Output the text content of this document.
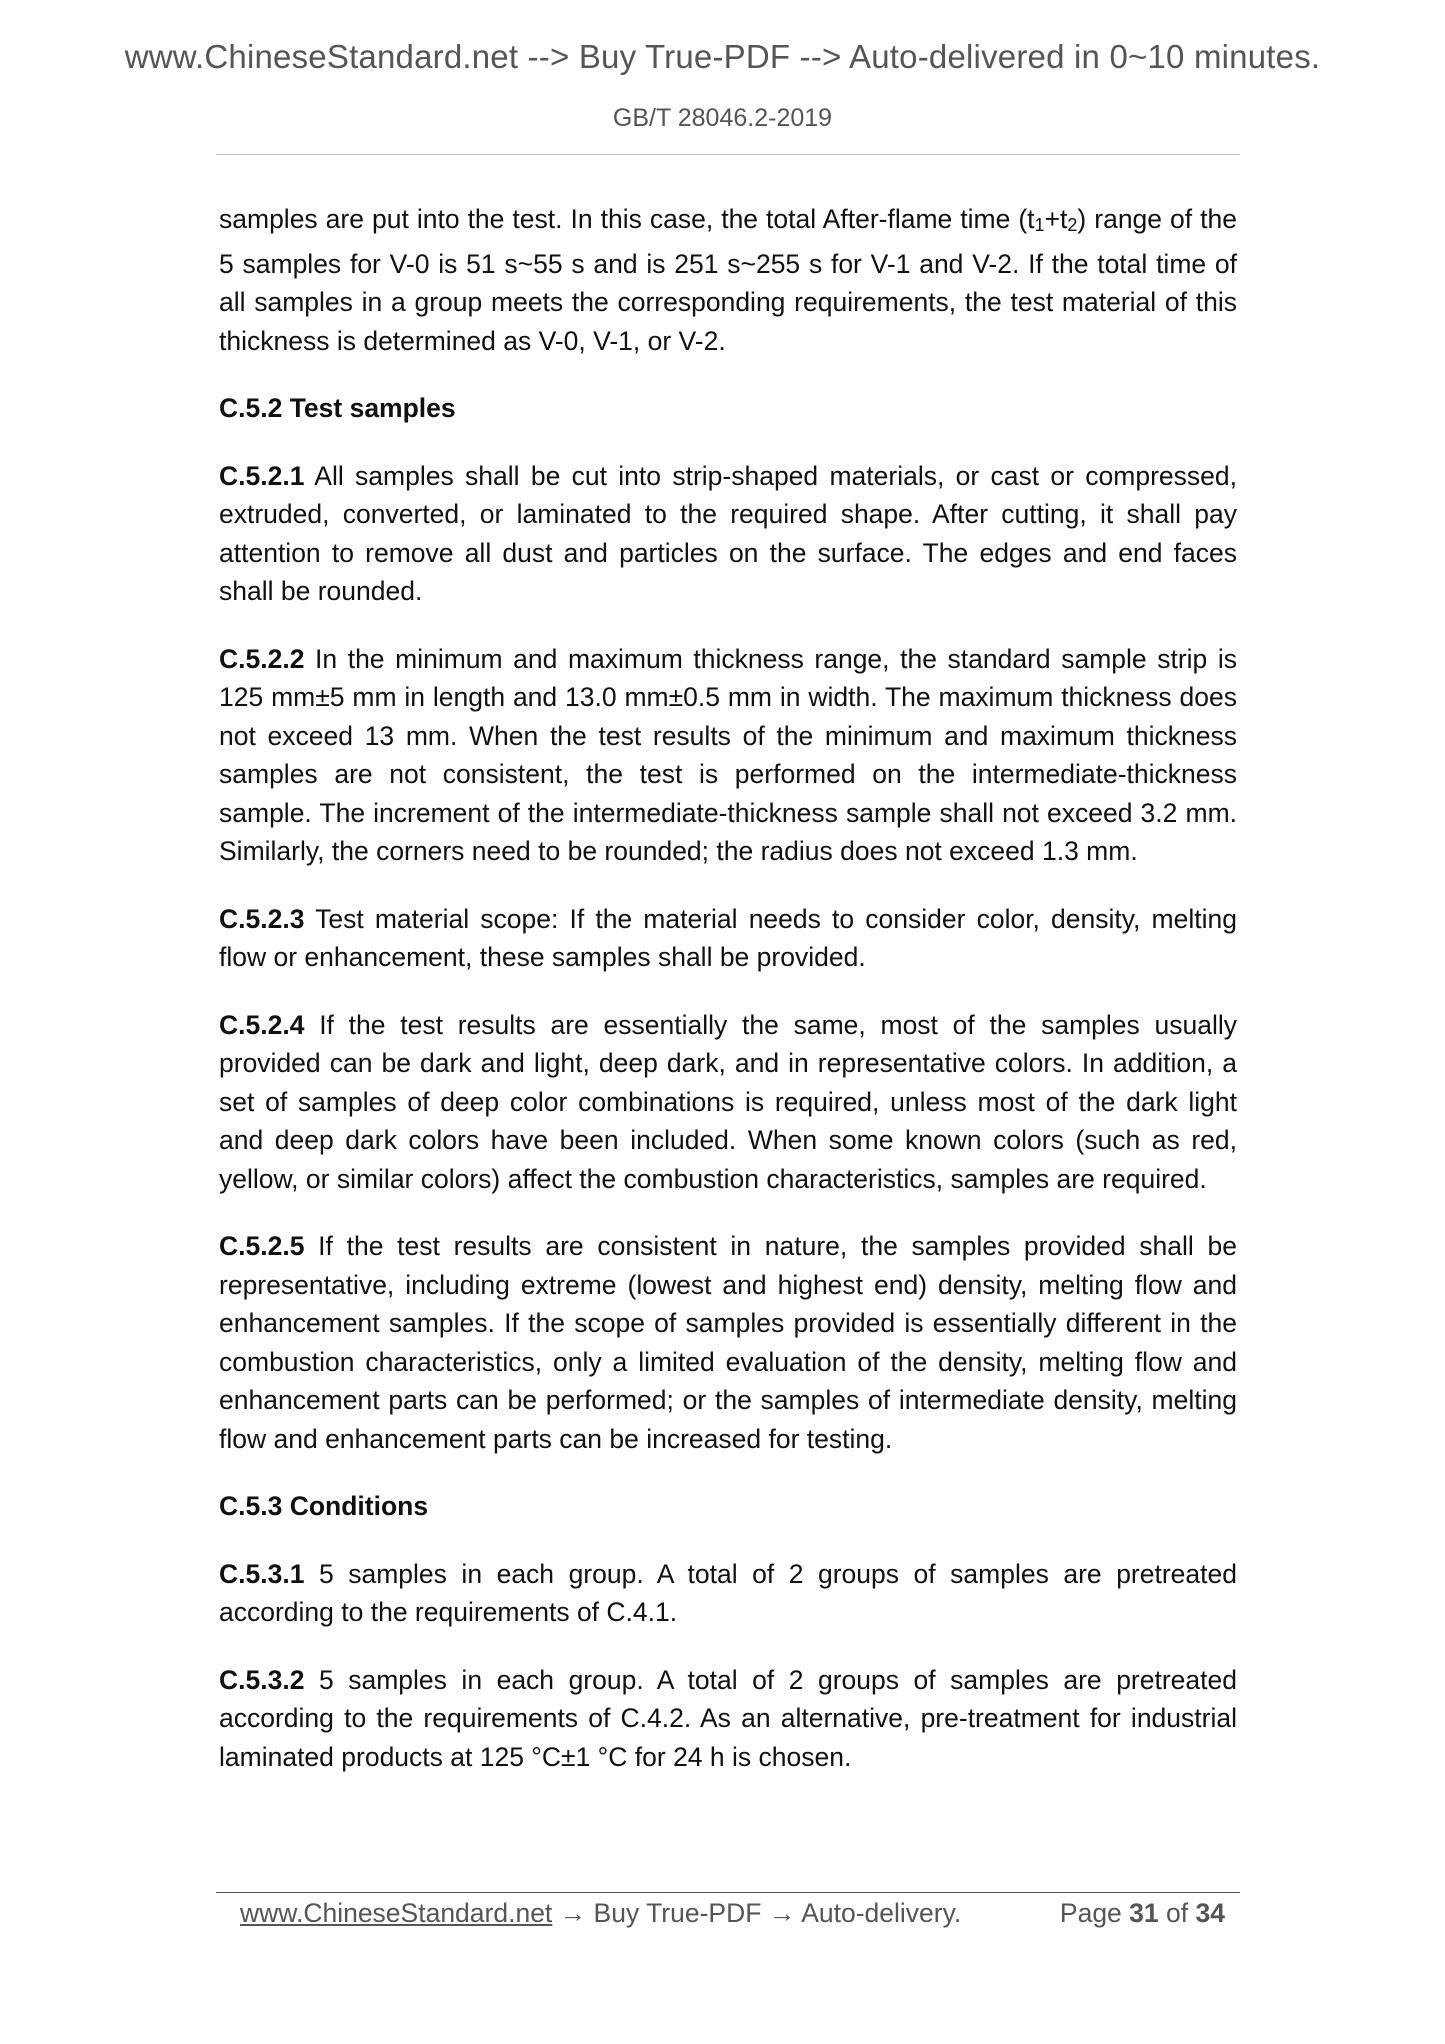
www.ChineseStandard.net --> Buy True-PDF --> Auto-delivered in 0~10 minutes.
GB/T 28046.2-2019

samples are put into the test. In this case, the total After-flame time $(t_1+t_2)$ range of the 5 samples for V-0 is 51 s~55 s and is 251 s~255 s for V-1 and V-2. If the total time of all samples in a group meets the corresponding requirements, the test material of this thickness is determined as V-0, V-1, or V-2.

C.5.2 Test samples

C.5.2.1 All samples shall be cut into strip-shaped materials, or cast or compressed, extruded, converted, or laminated to the required shape. After cutting, it shall pay attention to remove all dust and particles on the surface. The edges and end faces shall be rounded.

C.5.2.2 In the minimum and maximum thickness range, the standard sample strip is 125 mm±5 mm in length and 13.0 mm±0.5 mm in width. The maximum thickness does not exceed 13 mm. When the test results of the minimum and maximum thickness samples are not consistent, the test is performed on the intermediate-thickness sample. The increment of the intermediate-thickness sample shall not exceed 3.2 mm. Similarly, the corners need to be rounded; the radius does not exceed 1.3 mm.

C.5.2.3 Test material scope: If the material needs to consider color, density, melting flow or enhancement, these samples shall be provided.

C.5.2.4 If the test results are essentially the same, most of the samples usually provided can be dark and light, deep dark, and in representative colors. In addition, a set of samples of deep color combinations is required, unless most of the dark light and deep dark colors have been included. When some known colors (such as red, yellow, or similar colors) affect the combustion characteristics, samples are required.

C.5.2.5 If the test results are consistent in nature, the samples provided shall be representative, including extreme (lowest and highest end) density, melting flow and enhancement samples. If the scope of samples provided is essentially different in the combustion characteristics, only a limited evaluation of the density, melting flow and enhancement parts can be performed; or the samples of intermediate density, melting flow and enhancement parts can be increased for testing.

C.5.3 Conditions

C.5.3.1 5 samples in each group. A total of 2 groups of samples are pretreated according to the requirements of C.4.1.

C.5.3.2 5 samples in each group. A total of 2 groups of samples are pretreated according to the requirements of C.4.2. As an alternative, pre-treatment for industrial laminated products at 125 °C±1 °C for 24 h is chosen.

www.ChineseStandard.net → Buy True-PDF → Auto-delivery.	Page 31 of 34
